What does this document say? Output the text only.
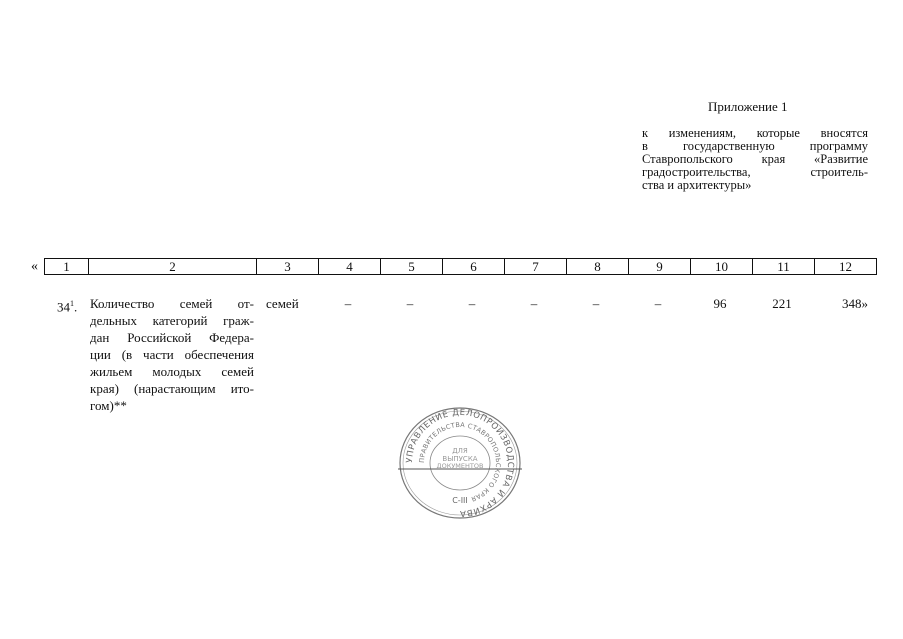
Приложение 1
к изменениям, которые вносятся
в государственную программу
Ставропольского края «Развитие
градостроительства, строитель-
ства и архитектуры»
« 1	2	3	4	5	6	7	8	9	10	11	12
$34^1$. Количество семей от-
дельных категорий граж-
дан Российской Федера-
ции (в части обеспечения
жильем молодых семей
края) (нарастающим ито-
гом)**
семей	–	–	–	–	–	–	96	221	348»
УПРАВЛЕНИЕ ДЕЛОПРОИЗВОДСТВА И АРХИВА
ПРАВИТЕЛЬСТВА СТАВРОПОЛЬСКОГО КРАЯ
ДЛЯ
ВЫПУСКА
ДОКУМЕНТОВ
С-III
